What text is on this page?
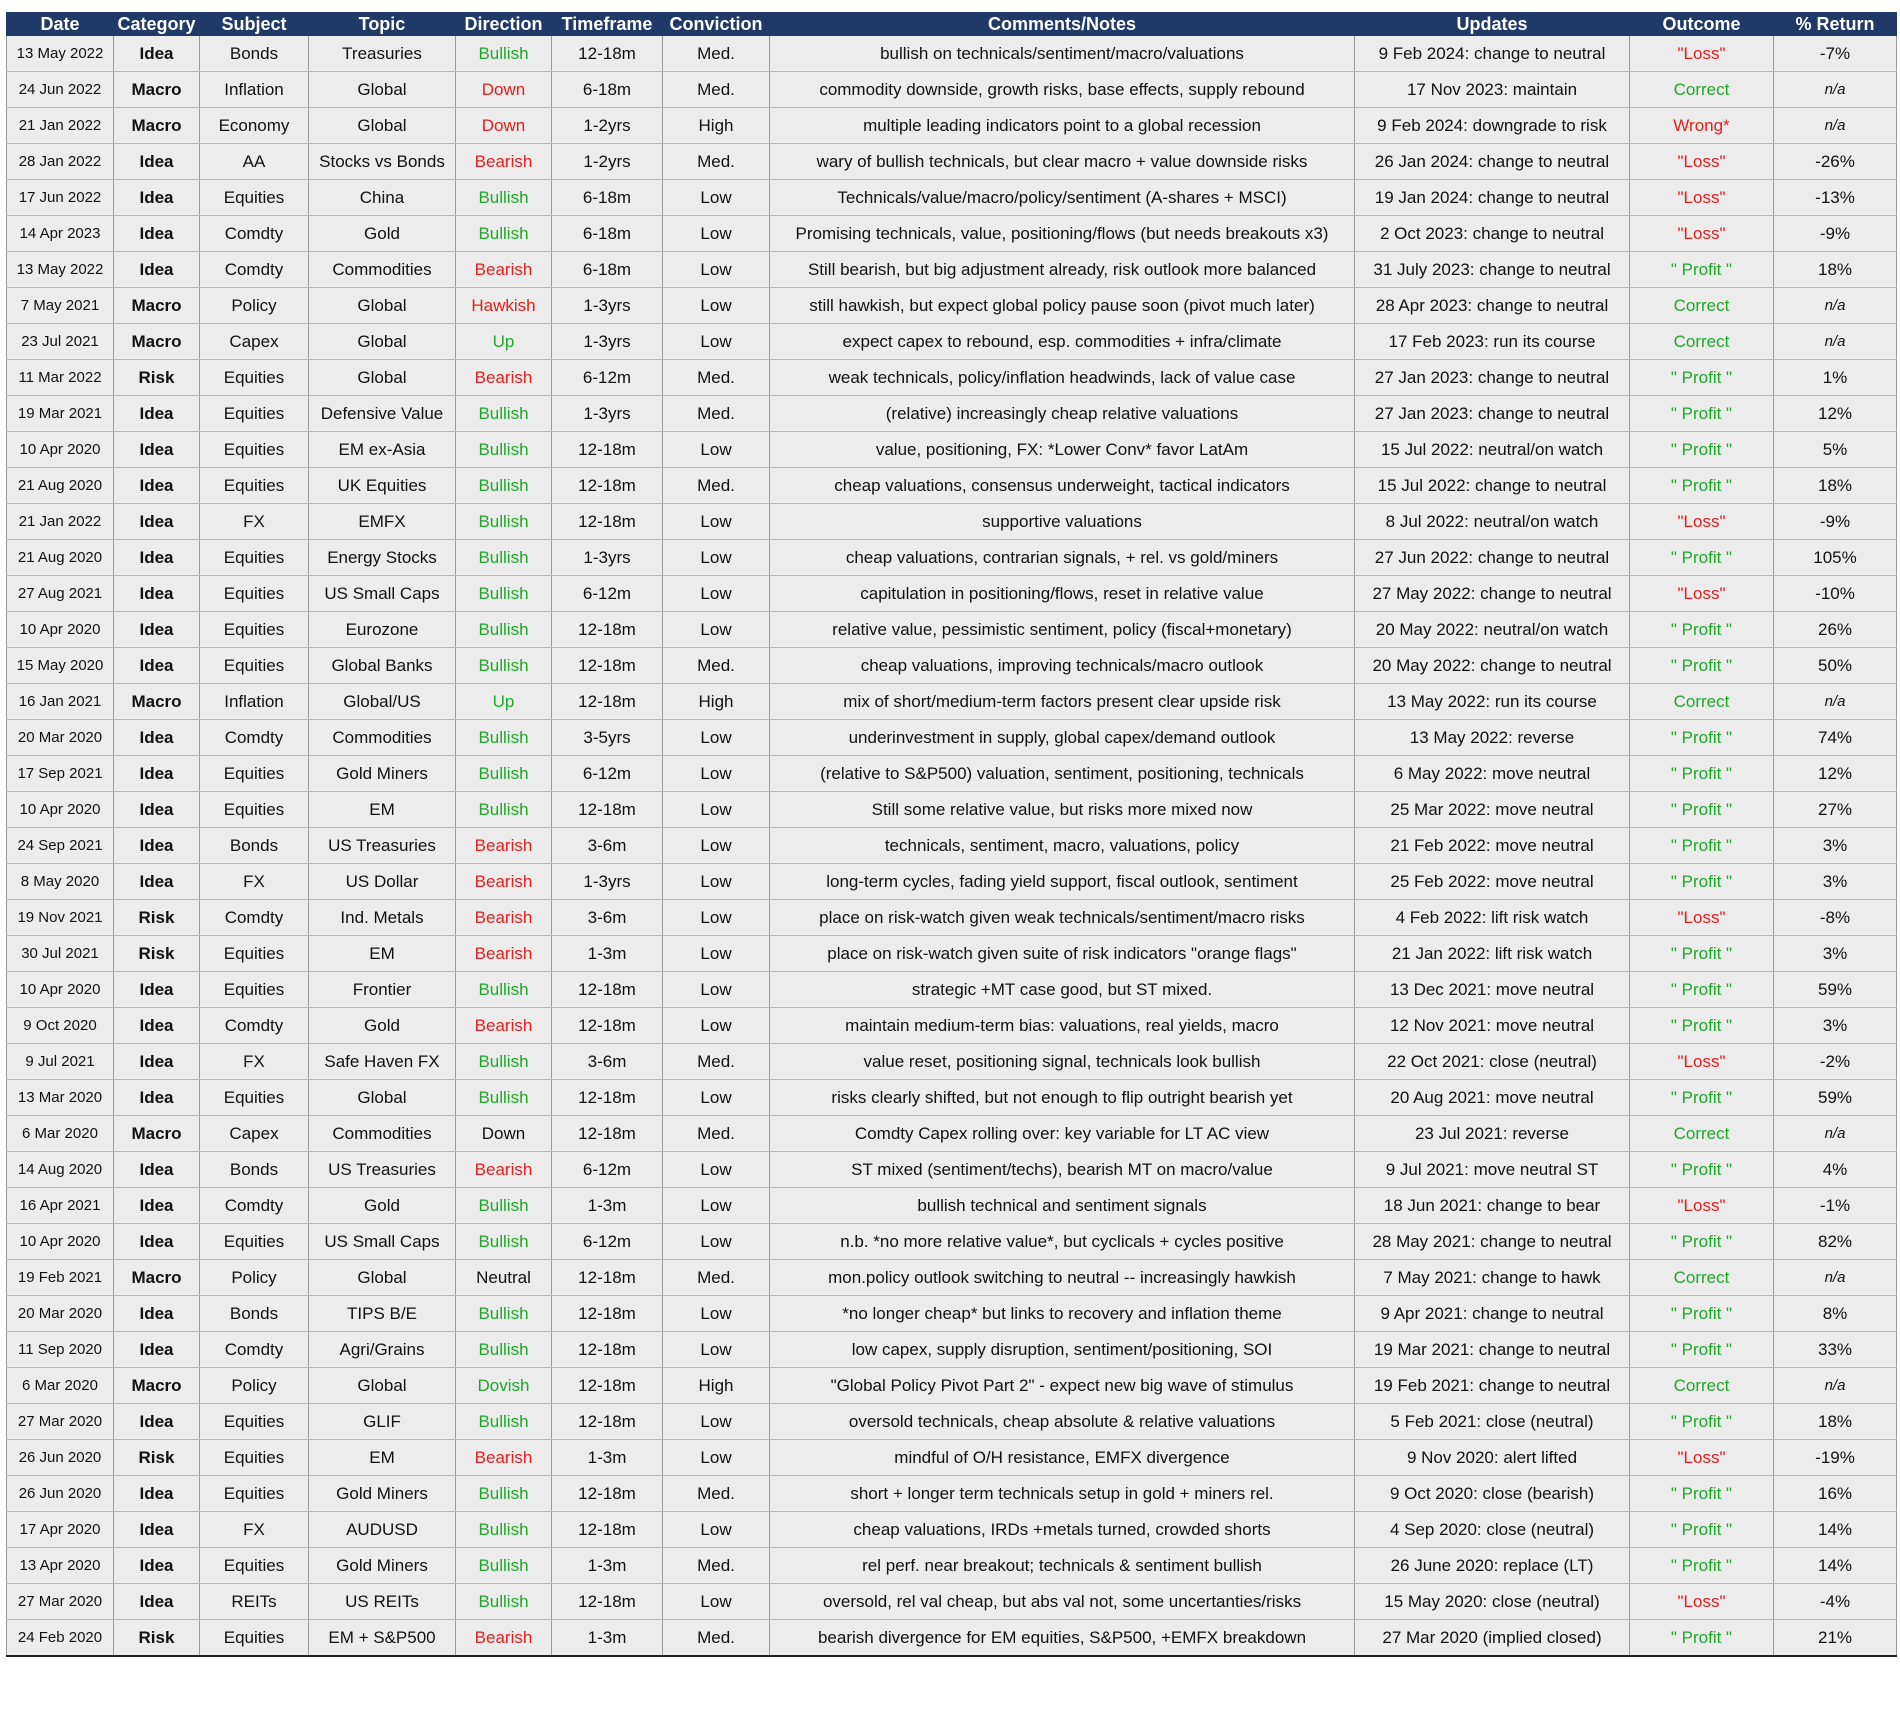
Date	Category	Subject	Topic	Direction	Timeframe	Conviction	Comments/Notes	Updates	Outcome	% Return
13 May 2022	Idea	Bonds	Treasuries	Bullish	12-18m	Med.	bullish on technicals/sentiment/macro/valuations	9 Feb 2024: change to neutral	"Loss"	-7%
24 Jun 2022	Macro	Inflation	Global	Down	6-18m	Med.	commodity downside, growth risks, base effects, supply rebound	17 Nov 2023: maintain	Correct	n/a
21 Jan 2022	Macro	Economy	Global	Down	1-2yrs	High	multiple leading indicators point to a global recession	9 Feb 2024: downgrade to risk	Wrong*	n/a
28 Jan 2022	Idea	AA	Stocks vs Bonds	Bearish	1-2yrs	Med.	wary of bullish technicals, but clear macro + value downside risks	26 Jan 2024: change to neutral	"Loss"	-26%
17 Jun 2022	Idea	Equities	China	Bullish	6-18m	Low	Technicals/value/macro/policy/sentiment (A-shares + MSCI)	19 Jan 2024: change to neutral	"Loss"	-13%
14 Apr 2023	Idea	Comdty	Gold	Bullish	6-18m	Low	Promising technicals, value, positioning/flows (but needs breakouts x3)	2 Oct 2023: change to neutral	"Loss"	-9%
13 May 2022	Idea	Comdty	Commodities	Bearish	6-18m	Low	Still bearish, but big adjustment already, risk outlook more balanced	31 July 2023: change to neutral	" Profit "	18%
7 May 2021	Macro	Policy	Global	Hawkish	1-3yrs	Low	still hawkish, but expect global policy pause soon (pivot much later)	28 Apr 2023: change to neutral	Correct	n/a
23 Jul 2021	Macro	Capex	Global	Up	1-3yrs	Low	expect capex to rebound, esp. commodities + infra/climate	17 Feb 2023: run its course	Correct	n/a
11 Mar 2022	Risk	Equities	Global	Bearish	6-12m	Med.	weak technicals, policy/inflation headwinds, lack of value case	27 Jan 2023: change to neutral	" Profit "	1%
19 Mar 2021	Idea	Equities	Defensive Value	Bullish	1-3yrs	Med.	(relative) increasingly cheap relative valuations	27 Jan 2023: change to neutral	" Profit "	12%
10 Apr 2020	Idea	Equities	EM ex-Asia	Bullish	12-18m	Low	value, positioning, FX: *Lower Conv* favor LatAm	15 Jul 2022: neutral/on watch	" Profit "	5%
21 Aug 2020	Idea	Equities	UK Equities	Bullish	12-18m	Med.	cheap valuations, consensus underweight, tactical indicators	15 Jul 2022: change to neutral	" Profit "	18%
21 Jan 2022	Idea	FX	EMFX	Bullish	12-18m	Low	supportive valuations	8 Jul 2022: neutral/on watch	"Loss"	-9%
21 Aug 2020	Idea	Equities	Energy Stocks	Bullish	1-3yrs	Low	cheap valuations, contrarian signals, + rel. vs gold/miners	27 Jun 2022: change to neutral	" Profit "	105%
27 Aug 2021	Idea	Equities	US Small Caps	Bullish	6-12m	Low	capitulation in positioning/flows, reset in relative value	27 May 2022: change to neutral	"Loss"	-10%
10 Apr 2020	Idea	Equities	Eurozone	Bullish	12-18m	Low	relative value, pessimistic sentiment, policy (fiscal+monetary)	20 May 2022: neutral/on watch	" Profit "	26%
15 May 2020	Idea	Equities	Global Banks	Bullish	12-18m	Med.	cheap valuations, improving technicals/macro outlook	20 May 2022: change to neutral	" Profit "	50%
16 Jan 2021	Macro	Inflation	Global/US	Up	12-18m	High	mix of short/medium-term factors present clear upside risk	13 May 2022: run its course	Correct	n/a
20 Mar 2020	Idea	Comdty	Commodities	Bullish	3-5yrs	Low	underinvestment in supply, global capex/demand outlook	13 May 2022: reverse	" Profit "	74%
17 Sep 2021	Idea	Equities	Gold Miners	Bullish	6-12m	Low	(relative to S&P500) valuation, sentiment, positioning, technicals	6 May 2022: move neutral	" Profit "	12%
10 Apr 2020	Idea	Equities	EM	Bullish	12-18m	Low	Still some relative value, but risks more mixed now	25 Mar 2022: move neutral	" Profit "	27%
24 Sep 2021	Idea	Bonds	US Treasuries	Bearish	3-6m	Low	technicals, sentiment, macro, valuations, policy	21 Feb 2022: move neutral	" Profit "	3%
8 May 2020	Idea	FX	US Dollar	Bearish	1-3yrs	Low	long-term cycles, fading yield support, fiscal outlook, sentiment	25 Feb 2022: move neutral	" Profit "	3%
19 Nov 2021	Risk	Comdty	Ind. Metals	Bearish	3-6m	Low	place on risk-watch given weak technicals/sentiment/macro risks	4 Feb 2022: lift risk watch	"Loss"	-8%
30 Jul 2021	Risk	Equities	EM	Bearish	1-3m	Low	place on risk-watch given suite of risk indicators "orange flags"	21 Jan 2022: lift risk watch	" Profit "	3%
10 Apr 2020	Idea	Equities	Frontier	Bullish	12-18m	Low	strategic +MT case good, but ST mixed.	13 Dec 2021: move neutral	" Profit "	59%
9 Oct 2020	Idea	Comdty	Gold	Bearish	12-18m	Low	maintain medium-term bias: valuations, real yields, macro	12 Nov 2021: move neutral	" Profit "	3%
9 Jul 2021	Idea	FX	Safe Haven FX	Bullish	3-6m	Med.	value reset, positioning signal, technicals look bullish	22 Oct 2021: close (neutral)	"Loss"	-2%
13 Mar 2020	Idea	Equities	Global	Bullish	12-18m	Low	risks clearly shifted, but not enough to flip outright bearish yet	20 Aug 2021: move neutral	" Profit "	59%
6 Mar 2020	Macro	Capex	Commodities	Down	12-18m	Med.	Comdty Capex rolling over: key variable for LT AC view	23 Jul 2021: reverse	Correct	n/a
14 Aug 2020	Idea	Bonds	US Treasuries	Bearish	6-12m	Low	ST mixed (sentiment/techs), bearish MT on macro/value	9 Jul 2021: move neutral ST	" Profit "	4%
16 Apr 2021	Idea	Comdty	Gold	Bullish	1-3m	Low	bullish technical and sentiment signals	18 Jun 2021: change to bear	"Loss"	-1%
10 Apr 2020	Idea	Equities	US Small Caps	Bullish	6-12m	Low	n.b. *no more relative value*, but cyclicals + cycles positive	28 May 2021: change to neutral	" Profit "	82%
19 Feb 2021	Macro	Policy	Global	Neutral	12-18m	Med.	mon.policy outlook switching to neutral -- increasingly hawkish	7 May 2021: change to hawk	Correct	n/a
20 Mar 2020	Idea	Bonds	TIPS B/E	Bullish	12-18m	Low	*no longer cheap* but links to recovery and inflation theme	9 Apr 2021: change to neutral	" Profit "	8%
11 Sep 2020	Idea	Comdty	Agri/Grains	Bullish	12-18m	Low	low capex, supply disruption, sentiment/positioning, SOI	19 Mar 2021: change to neutral	" Profit "	33%
6 Mar 2020	Macro	Policy	Global	Dovish	12-18m	High	"Global Policy Pivot Part 2" - expect new big wave of stimulus	19 Feb 2021: change to neutral	Correct	n/a
27 Mar 2020	Idea	Equities	GLIF	Bullish	12-18m	Low	oversold technicals, cheap absolute & relative valuations	5 Feb 2021: close (neutral)	" Profit "	18%
26 Jun 2020	Risk	Equities	EM	Bearish	1-3m	Low	mindful of O/H resistance, EMFX divergence	9 Nov 2020: alert lifted	"Loss"	-19%
26 Jun 2020	Idea	Equities	Gold Miners	Bullish	12-18m	Med.	short + longer term technicals setup in gold + miners rel.	9 Oct 2020: close (bearish)	" Profit "	16%
17 Apr 2020	Idea	FX	AUDUSD	Bullish	12-18m	Low	cheap valuations, IRDs +metals turned, crowded shorts	4 Sep 2020: close (neutral)	" Profit "	14%
13 Apr 2020	Idea	Equities	Gold Miners	Bullish	1-3m	Med.	rel perf. near breakout; technicals & sentiment bullish	26 June 2020: replace (LT)	" Profit "	14%
27 Mar 2020	Idea	REITs	US REITs	Bullish	12-18m	Low	oversold, rel val cheap, but abs val not, some uncertanties/risks	15 May 2020: close (neutral)	"Loss"	-4%
24 Feb 2020	Risk	Equities	EM + S&P500	Bearish	1-3m	Med.	bearish divergence for EM equities, S&P500, +EMFX breakdown	27 Mar 2020 (implied closed)	" Profit "	21%
